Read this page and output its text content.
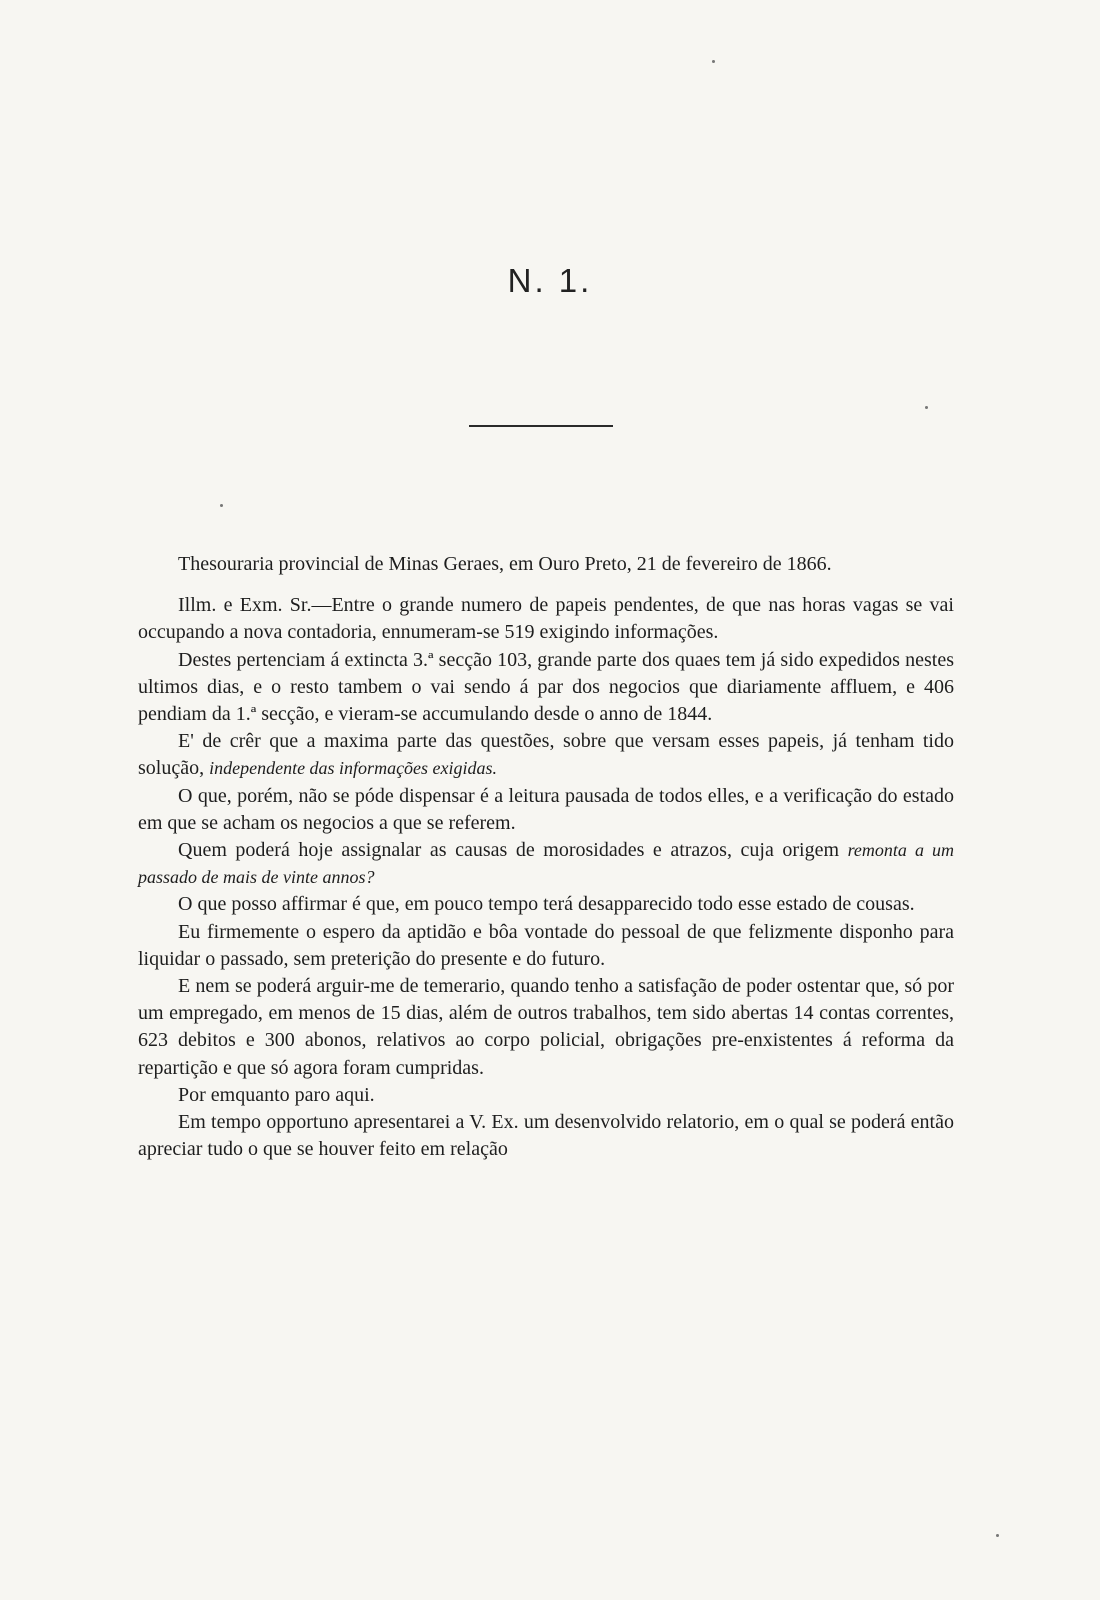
N. 1.

Thesouraria provincial de Minas Geraes, em Ouro Preto, 21 de fevereiro de 1866.

Illm. e Exm. Sr.—Entre o grande numero de papeis pendentes, de que nas horas vagas se vai occupando a nova contadoria, ennumeram-se 519 exigindo informações.

Destes pertenciam á extincta 3.ª secção 103, grande parte dos quaes tem já sido expedidos nestes ultimos dias, e o resto tambem o vai sendo á par dos negocios que diariamente affluem, e 406 pendiam da 1.ª secção, e vieram-se accumulando desde o anno de 1844.

E' de crêr que a maxima parte das questões, sobre que versam esses papeis, já tenham tido solução, independente das informações exigidas.

O que, porém, não se póde dispensar é a leitura pausada de todos elles, e a verificação do estado em que se acham os negocios a que se referem.

Quem poderá hoje assignalar as causas de morosidades e atrazos, cuja origem remonta a um passado de mais de vinte annos?

O que posso affirmar é que, em pouco tempo terá desapparecido todo esse estado de cousas.

Eu firmemente o espero da aptidão e bôa vontade do pessoal de que felizmente disponho para liquidar o passado, sem preterição do presente e do futuro.

E nem se poderá arguir-me de temerario, quando tenho a satisfação de poder ostentar que, só por um empregado, em menos de 15 dias, além de outros trabalhos, tem sido abertas 14 contas correntes, 623 debitos e 300 abonos, relativos ao corpo policial, obrigações pre-enxistentes á reforma da repartição e que só agora foram cumpridas.

Por emquanto paro aqui.

Em tempo opportuno apresentarei a V. Ex. um desenvolvido relatorio, em o qual se poderá então apreciar tudo o que se houver feito em relação
